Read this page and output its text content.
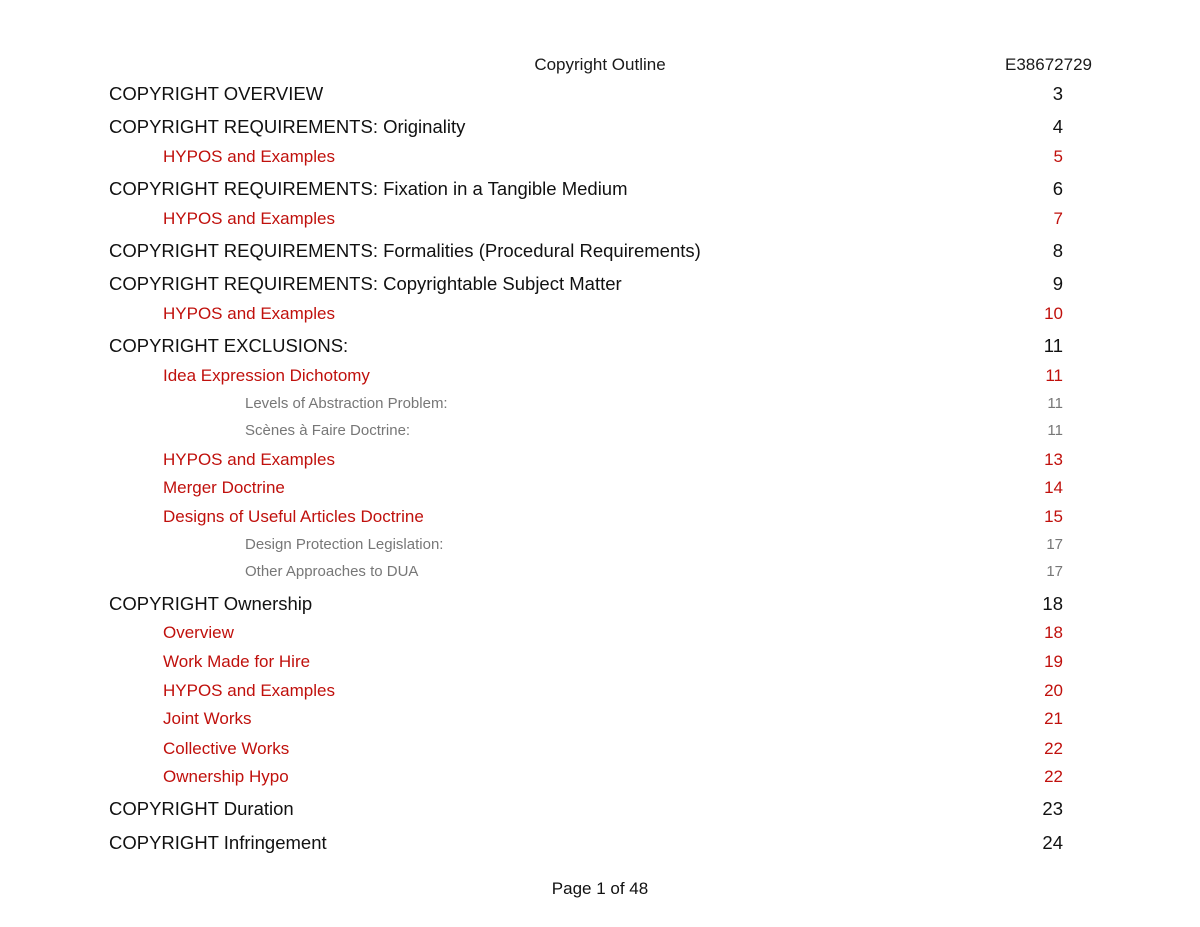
Copyright Outline	E38672729
COPYRIGHT OVERVIEW	3
COPYRIGHT REQUIREMENTS: Originality	4
HYPOS and Examples	5
COPYRIGHT REQUIREMENTS: Fixation in a Tangible Medium	6
HYPOS and Examples	7
COPYRIGHT REQUIREMENTS: Formalities (Procedural Requirements)	8
COPYRIGHT REQUIREMENTS: Copyrightable Subject Matter	9
HYPOS and Examples	10
COPYRIGHT EXCLUSIONS:	11
Idea Expression Dichotomy	11
Levels of Abstraction Problem:	11
Scènes à Faire Doctrine:	11
HYPOS and Examples	13
Merger Doctrine	14
Designs of Useful Articles Doctrine	15
Design Protection Legislation:	17
Other Approaches to DUA	17
COPYRIGHT Ownership	18
Overview	18
Work Made for Hire	19
HYPOS and Examples	20
Joint Works	21
Collective Works	22
Ownership Hypo	22
COPYRIGHT Duration	23
COPYRIGHT Infringement	24
Page 1 of 48
